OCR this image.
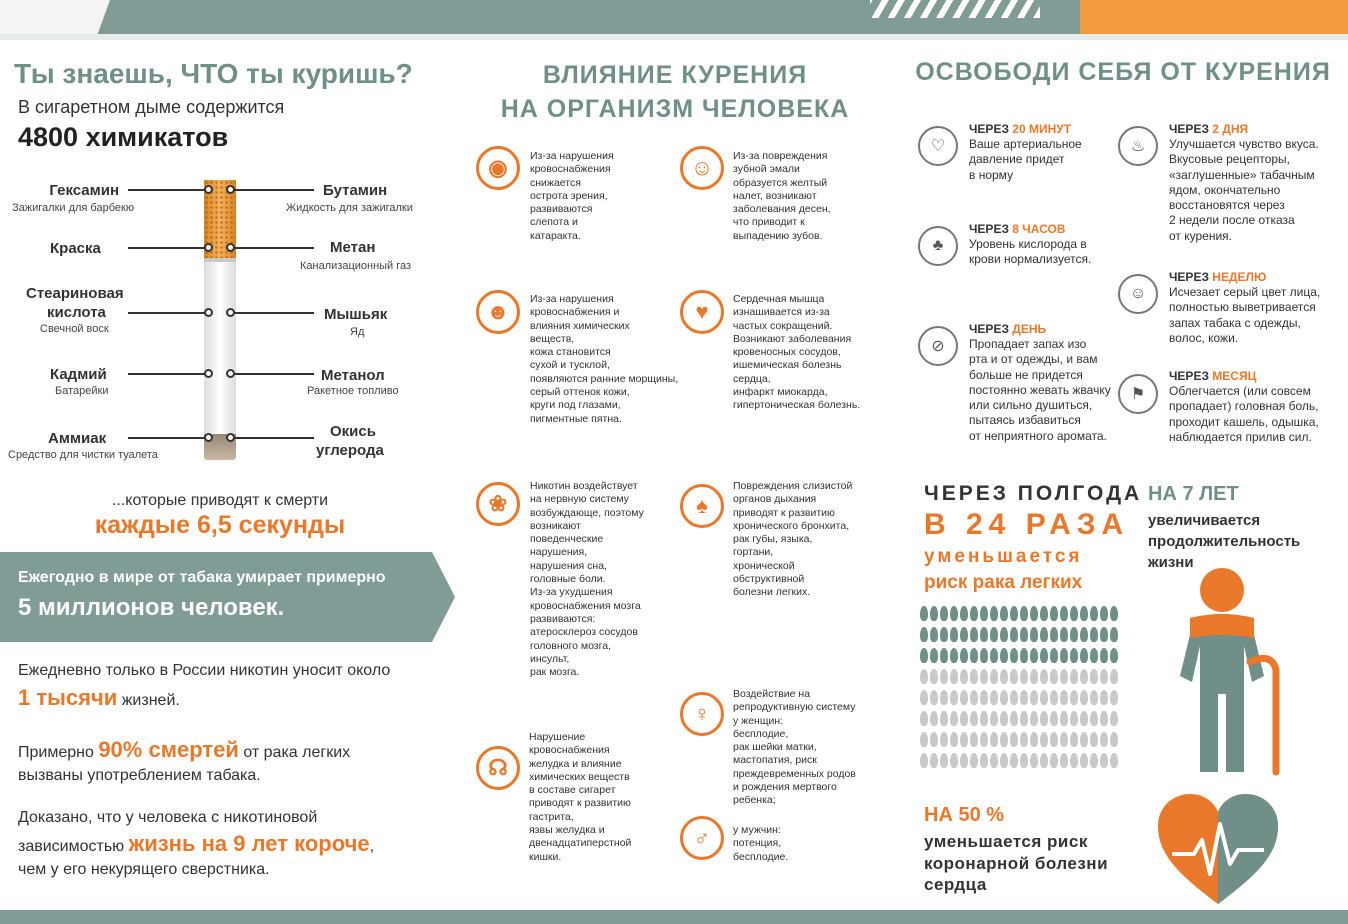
Ты знаешь, ЧТО ты куришь?
В сигаретном дыме содержится
4800 химикатов
Гексамин
Зажигалки для барбекю
Краска
Стеариновая
кислота
Свечной воск
Кадмий
Батарейки
Аммиак
Средство для чистки туалета
Бутамин
Жидкость для зажигалки
Метан
Канализационный газ
Мышьяк
Яд
Метанол
Ракетное топливо
Окись
углерода
...которые приводят к смерти
каждые 6,5 секунды
Ежегодно в мире от табака умирает примерно
5 миллионов человек.
Ежедневно только в России никотин уносит около
1 тысячи жизней.
Примерно 90% смертей от рака легких
вызваны употреблением табака.
Доказано, что у человека с никотиновой
зависимостью жизнь на 9 лет короче,
чем у его некурящего сверстника.
ВЛИЯНИЕ КУРЕНИЯ
НА ОРГАНИЗМ ЧЕЛОВЕКА
◉	Из-за нарушения
кровоснабжения
снижается
острота зрения,
развиваются
слепота и
катаракта.
☺	Из-за повреждения
зубной эмали
образуется желтый
налет, возникают
заболевания десен,
что приводит к
выпадению зубов.
☻	Из-за нарушения
кровоснабжения и
влияния химических
веществ,
кожа становится
сухой и тусклой,
появляются ранние морщины,
серый оттенок кожи,
круги под глазами,
пигментные пятна.
♥	Сердечная мышца
изнашивается из-за
частых сокращений.
Возникают заболевания
кровеносных сосудов,
ишемическая болезнь
сердца,
инфаркт миокарда,
гипертоническая болезнь.
❀
Никотин воздействует
на нервную систему
возбуждающе, поэтому
возникают
поведенческие
нарушения,
нарушения сна,
головные боли.
Из-за ухудшения
кровоснабжения мозга
развиваются:
атеросклероз сосудов
головного мозга,
инсульт,
рак мозга.
♠
Повреждения слизистой
органов дыхания
приводят к развитию
хронического бронхита,
рак губы, языка,
гортани,
хронической
обструктивной
болезни легких.
♀
Воздействие на
репродуктивную систему
у женщин:
бесплодие,
рак шейки матки,
мастопатия, риск
преждевременных родов
и рождения мертвого
ребенка;
☊
Нарушение
кровоснабжения
желудка и влияние
химических веществ
в составе сигарет
приводят к развитию
гастрита,
язвы желудка и
двенадцатиперстной
кишки.
♂	у мужчин:
потенция,
бесплодие.
ОСВОБОДИ СЕБЯ ОТ КУРЕНИЯ
♡
ЧЕРЕЗ 20 МИНУТ
Ваше артериальное
давление придет
в норму
♨
ЧЕРЕЗ 2 ДНЯ
Улучшается чувство вкуса.
Вкусовые рецепторы,
«заглушенные» табачным
ядом, окончательно
восстановятся через
2 недели после отказа
от курения.
♣
ЧЕРЕЗ 8 ЧАСОВ
Уровень кислорода в
крови нормализуется.
☺
ЧЕРЕЗ НЕДЕЛЮ
Исчезает серый цвет лица,
полностью выветривается
запах табака с одежды,
волос, кожи.
⊘
ЧЕРЕЗ ДЕНЬ
Пропадает запах изо
рта и от одежды, и вам
больше не придется
постоянно жевать жвачку
или сильно душиться,
пытаясь избавиться
от неприятного аромата.
⚑
ЧЕРЕЗ МЕСЯЦ
Облегчается (или совсем
пропадает) головная боль,
проходит кашель, одышка,
наблюдается прилив сил.
ЧЕРЕЗ ПОЛГОДА
В 24 РАЗА
уменьшается
риск рака легких
НА 7 ЛЕТ
увеличивается
продолжительность
жизни
НА 50 %
уменьшается риск
коронарной болезни
сердца
